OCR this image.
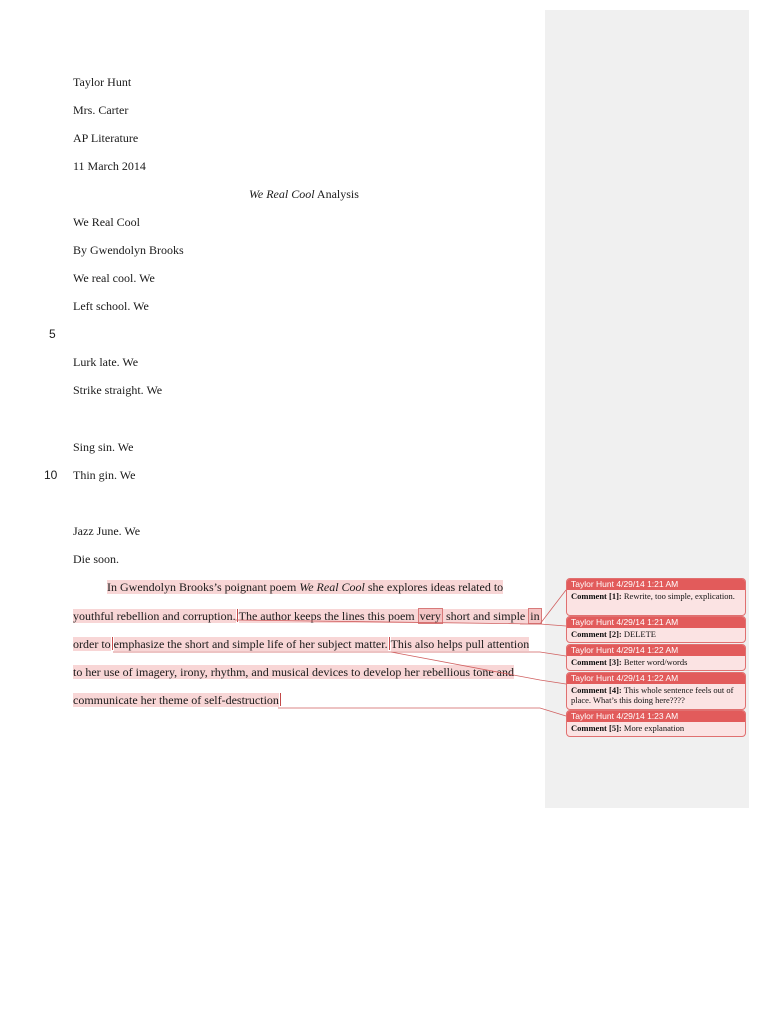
Taylor Hunt
Mrs. Carter
AP Literature
11 March 2014
We Real Cool Analysis
We Real Cool
By Gwendolyn Brooks
We real cool. We
Left school. We
5
Lurk late. We
Strike straight. We
Sing sin. We
10 Thin gin. We
Jazz June. We
Die soon.
In Gwendolyn Brooks’s poignant poem We Real Cool she explores ideas related to
youthful rebellion and corruption. The author keeps the lines this poem very short and simple in
order to emphasize the short and simple life of her subject matter. This also helps pull attention
to her use of imagery, irony, rhythm, and musical devices to develop her rebellious tone and
communicate her theme of self-destruction
Taylor Hunt 4/29/14 1:21 AM
Comment [1]: Rewrite, too simple, explication.
Taylor Hunt 4/29/14 1:21 AM
Comment [2]: DELETE
Taylor Hunt 4/29/14 1:22 AM
Comment [3]: Better word/words
Taylor Hunt 4/29/14 1:22 AM
Comment [4]: This whole sentence feels out of place. What’s this doing here????
Taylor Hunt 4/29/14 1:23 AM
Comment [5]: More explanation
